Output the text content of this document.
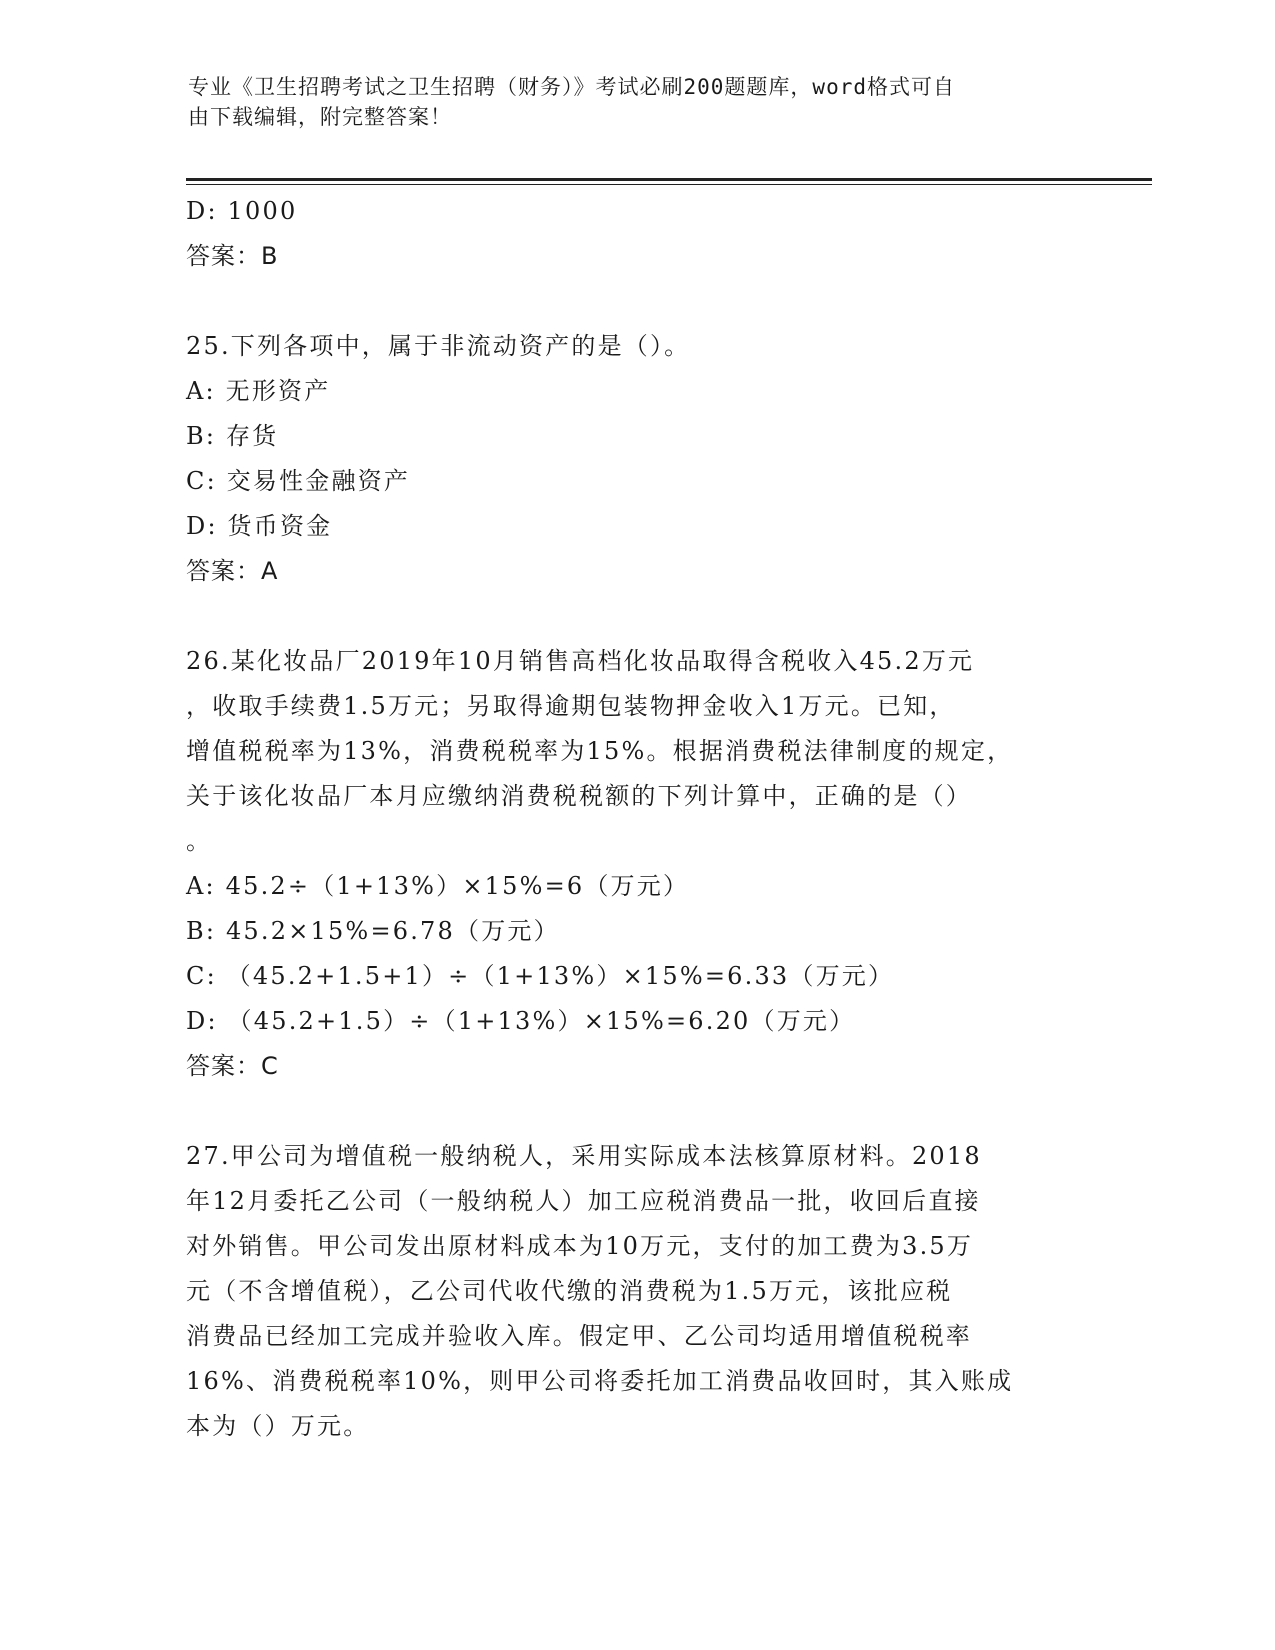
专业《卫生招聘考试之卫生招聘（财务）》考试必刷200题题库，word格式可自
由下载编辑，附完整答案！
D: 1000
答案：B
25.下列各项中，属于非流动资产的是（）。
A: 无形资产
B: 存货
C: 交易性金融资产
D: 货币资金
答案：A
26.某化妆品厂2019年10月销售高档化妆品取得含税收入45.2万元
，收取手续费1.5万元；另取得逾期包装物押金收入1万元。已知，
增值税税率为13%，消费税税率为15%。根据消费税法律制度的规定，
关于该化妆品厂本月应缴纳消费税税额的下列计算中，正确的是（）
。
A: 45.2÷（1+13%）×15%=6（万元）
B: 45.2×15%=6.78（万元）
C: （45.2+1.5+1）÷（1+13%）×15%=6.33（万元）
D: （45.2+1.5）÷（1+13%）×15%=6.20（万元）
答案：C
27.甲公司为增值税一般纳税人，采用实际成本法核算原材料。2018
年12月委托乙公司（一般纳税人）加工应税消费品一批，收回后直接
对外销售。甲公司发出原材料成本为10万元，支付的加工费为3.5万
元（不含增值税），乙公司代收代缴的消费税为1.5万元，该批应税
消费品已经加工完成并验收入库。假定甲、乙公司均适用增值税税率
16%、消费税税率10%，则甲公司将委托加工消费品收回时，其入账成
本为（）万元。
